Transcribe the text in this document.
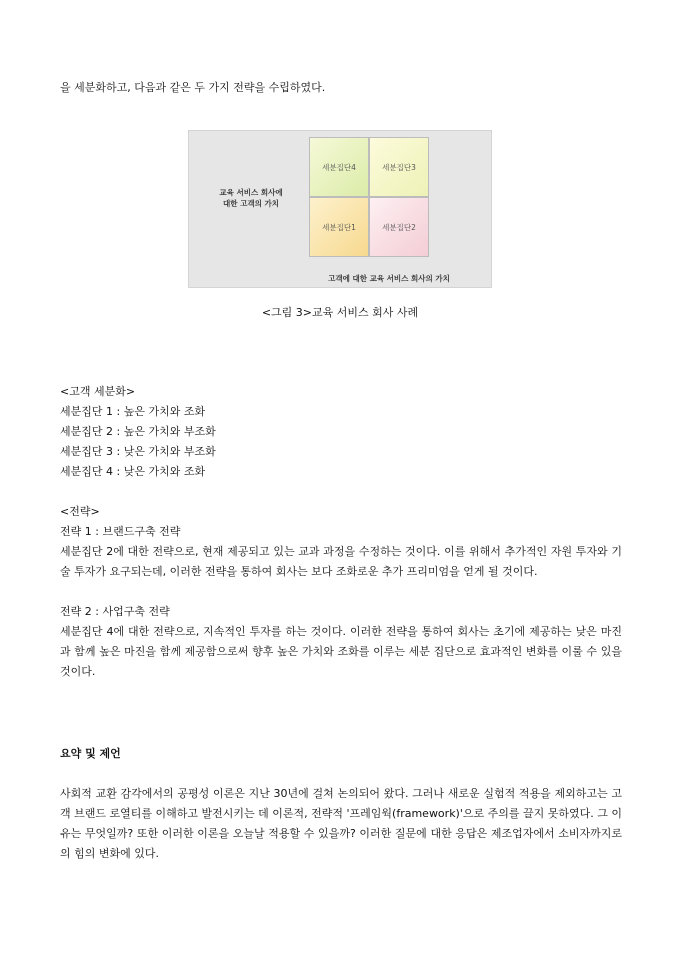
을 세분화하고, 다음과 같은 두 가지 전략을 수립하였다.

교육 서비스 회사에
대한 고객의 가치
세분집단4	세분집단3
세분집단1	세분집단2
고객에 대한 교육 서비스 회사의 가치

<그림 3>교육 서비스 회사 사례

<고객 세분화>

세분집단 1 : 높은 가치와 조화

세분집단 2 : 높은 가치와 부조화

세분집단 3 : 낮은 가치와 부조화

세분집단 4 : 낮은 가치와 조화

<전략>

전략 1 : 브랜드구축 전략

세분집단 2에 대한 전략으로, 현재 제공되고 있는 교과 과정을 수정하는 것이다. 이를 위해서 추가적인 자원 투자와 기술 투자가 요구되는데, 이러한 전략을 통하여 회사는 보다 조화로운 추가 프리미엄을 얻게 될 것이다.

전략 2 : 사업구축 전략

세분집단 4에 대한 전략으로, 지속적인 투자를 하는 것이다. 이러한 전략을 통하여 회사는 초기에 제공하는 낮은 마진과 함께 높은 마진을 함께 제공함으로써 향후 높은 가치와 조화를 이루는 세분 집단으로 효과적인 변화를 이룰 수 있을 것이다.

요약 및 제언

사회적 교환 감각에서의 공평성 이론은 지난 30년에 걸쳐 논의되어 왔다. 그러나 새로운 실험적 적용을 제외하고는 고객 브랜드 로열티를 이해하고 발전시키는 데 이론적, 전략적 '프레임웍(framework)'으로 주의를 끌지 못하였다. 그 이유는 무엇일까? 또한 이러한 이론을 오늘날 적용할 수 있을까? 이러한 질문에 대한 응답은 제조업자에서 소비자까지로의 힘의 변화에 있다.
